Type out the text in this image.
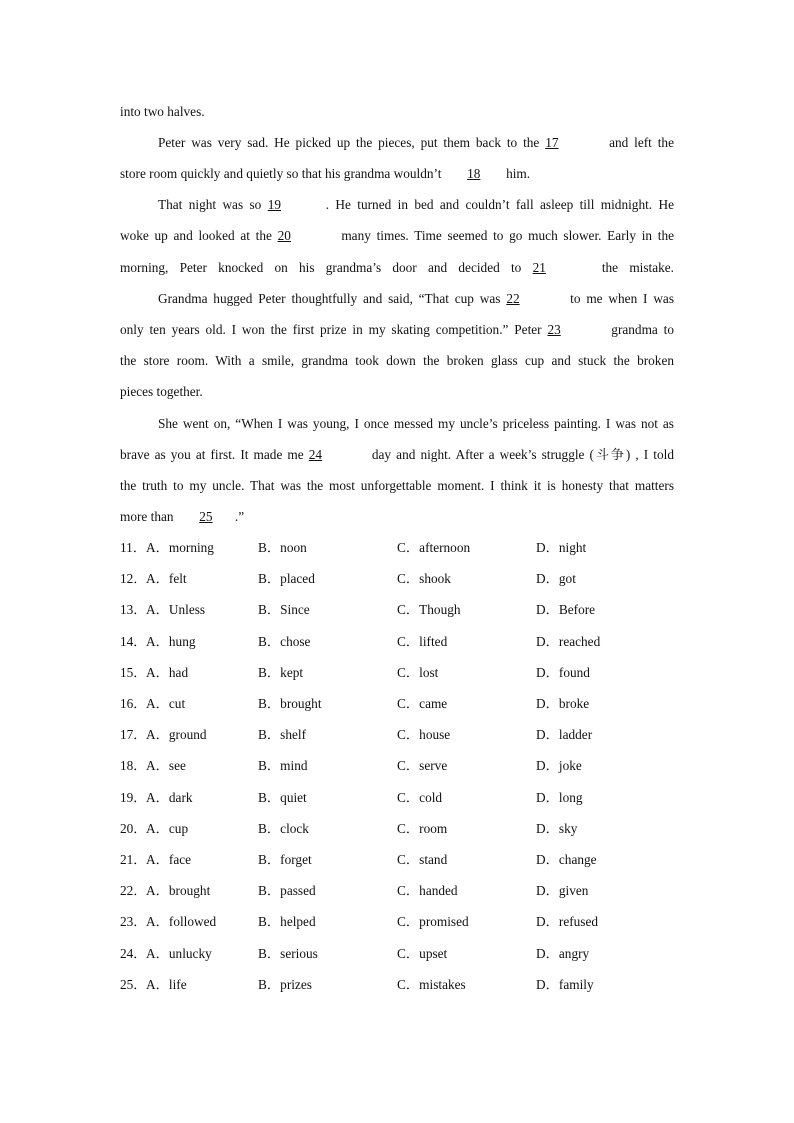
into two halves.
Peter was very sad. He picked up the pieces, put them back to the 17	and left the
store room quickly and quietly so that his grandma wouldn’t 18 him.
That night was so 19	. He turned in bed and couldn’t fall asleep till midnight. He
woke up and looked at the 20	many times. Time seemed to go much slower. Early in the
morning, Peter knocked on his grandma’s door and decided to 21	the mistake.
Grandma hugged Peter thoughtfully and said, “That cup was 22	to me when I was
only ten years old. I won the first prize in my skating competition.” Peter 23	grandma to
the store room. With a smile, grandma took down the broken glass cup and stuck the broken
pieces together.
She went on, “When I was young, I once messed my uncle’s priceless painting. I was not as
brave as you at first. It made me 24	day and night. After a week’s struggle (斗争) , I told
the truth to my uncle. That was the most unforgettable moment. I think it is honesty that matters
more than 25 .”
11． A．morning	B．noon	C．afternoon	D．night
12． A．felt	B．placed	C．shook	D．got
13． A．Unless	B．Since	C．Though	D．Before
14． A．hung	B．chose	C．lifted	D．reached
15． A．had	B．kept	C．lost	D．found
16． A．cut	B．brought	C．came	D．broke
17． A．ground	B．shelf	C．house	D．ladder
18． A．see	B．mind	C．serve	D．joke
19． A．dark	B．quiet	C．cold	D．long
20． A．cup	B．clock	C．room	D．sky
21． A．face	B．forget	C．stand	D．change
22． A．brought	B．passed	C．handed	D．given
23． A．followed	B．helped	C．promised	D．refused
24． A．unlucky	B．serious	C．upset	D．angry
25． A．life	B．prizes	C．mistakes	D．family
